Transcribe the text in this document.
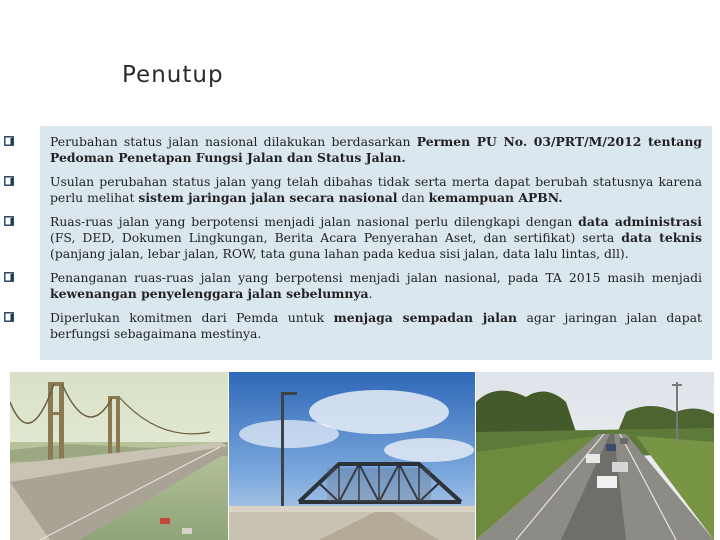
Penutup
Perubahan status jalan nasional dilakukan berdasarkan Permen PU No. 03/PRT/M/2012 tentang Pedoman Penetapan Fungsi Jalan dan Status Jalan.
Usulan perubahan status jalan yang telah dibahas tidak serta merta dapat berubah statusnya karena perlu melihat sistem jaringan jalan secara nasional dan kemampuan APBN.
Ruas-ruas jalan yang berpotensi menjadi jalan nasional perlu dilengkapi dengan data administrasi (FS, DED, Dokumen Lingkungan, Berita Acara Penyerahan Aset, dan sertifikat) serta data teknis (panjang jalan, lebar jalan, ROW, tata guna lahan pada kedua sisi jalan, data lalu lintas, dll).
Penanganan ruas-ruas jalan yang berpotensi menjadi jalan nasional, pada TA 2015 masih menjadi kewenangan penyelenggara jalan sebelumnya.
Diperlukan komitmen dari Pemda untuk menjaga sempadan jalan agar jaringan jalan dapat berfungsi sebagaimana mestinya.
